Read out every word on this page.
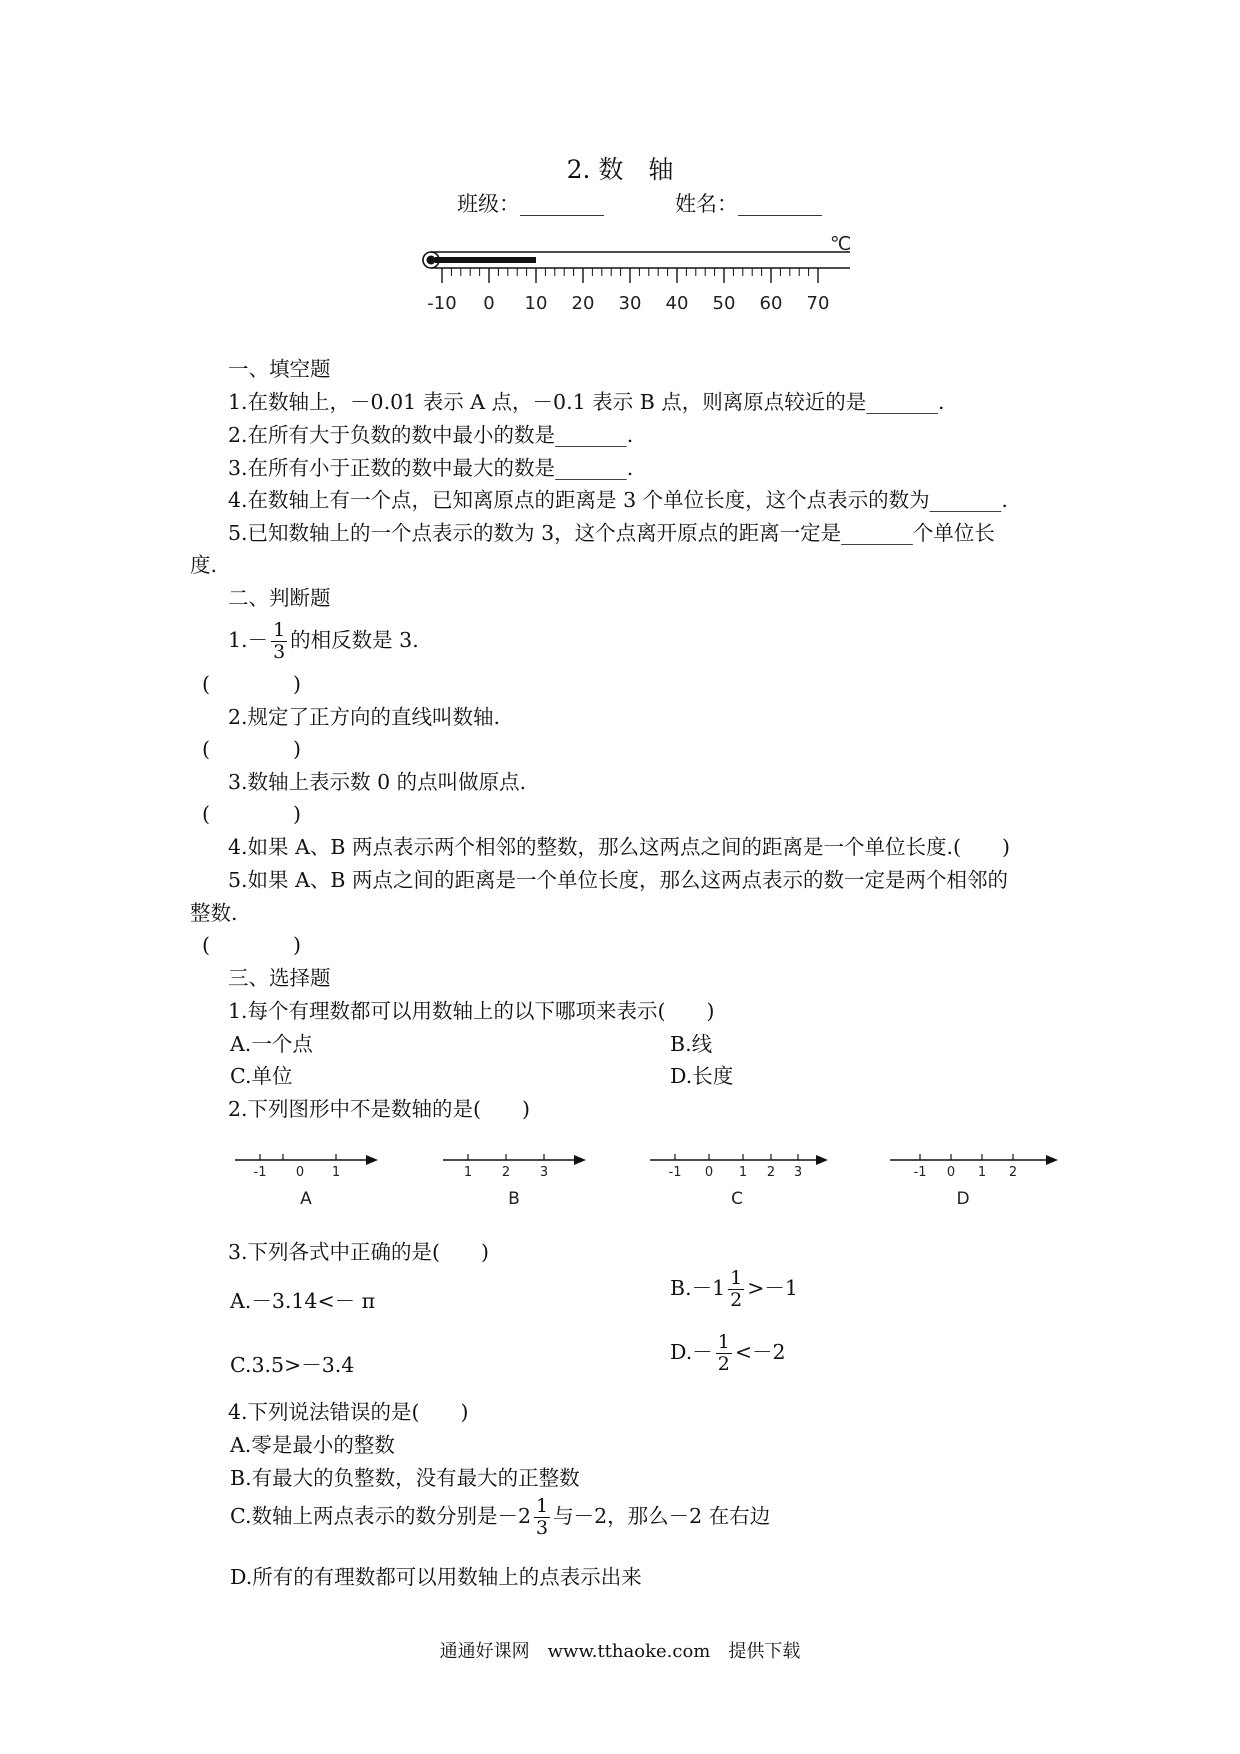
2. 数　轴
班级：________	姓名：________
℃
-10 0 10 20 30 40 50 60 70
一、填空题
1.在数轴上，－0.01 表示 A 点，－0.1 表示 B 点，则离原点较近的是_______.
2.在所有大于负数的数中最小的数是_______.
3.在所有小于正数的数中最大的数是_______.
4.在数轴上有一个点，已知离原点的距离是 3 个单位长度，这个点表示的数为_______.
5.已知数轴上的一个点表示的数为 3，这个点离开原点的距离一定是_______个单位长
度.
二、判断题
$1.- \frac{1}{3}$ 的相反数是 3.
(　　)
2.规定了正方向的直线叫数轴.
(　　)
3.数轴上表示数 0 的点叫做原点.
(　　)
4.如果 A、B 两点表示两个相邻的整数，那么这两点之间的距离是一个单位长度.(　　)
5.如果 A、B 两点之间的距离是一个单位长度，那么这两点表示的数一定是两个相邻的
整数.
(　　)
三、选择题
1.每个有理数都可以用数轴上的以下哪项来表示(　　)
A.一个点	B.线
C.单位	D.长度
2.下列图形中不是数轴的是(　　)
-1 0 1
A
1 2 3
B
-1 0 1 2 3
C
-1 0 1 2
D
3.下列各式中正确的是(　　)
A.－3.14<－ π
$B.-1 \frac{1}{2} >-1$
C.3.5>－3.4
$D.- \frac{1}{2} <-2$
4.下列说法错误的是(　　)
A.零是最小的整数
B.有最大的负整数，没有最大的正整数
C.数轴上两点表示的数分别是$-2 \frac{1}{3}$ 与－2，那么－2 在右边
D.所有的有理数都可以用数轴上的点表示出来
通通好课网　www.tthaoke.com　提供下载
